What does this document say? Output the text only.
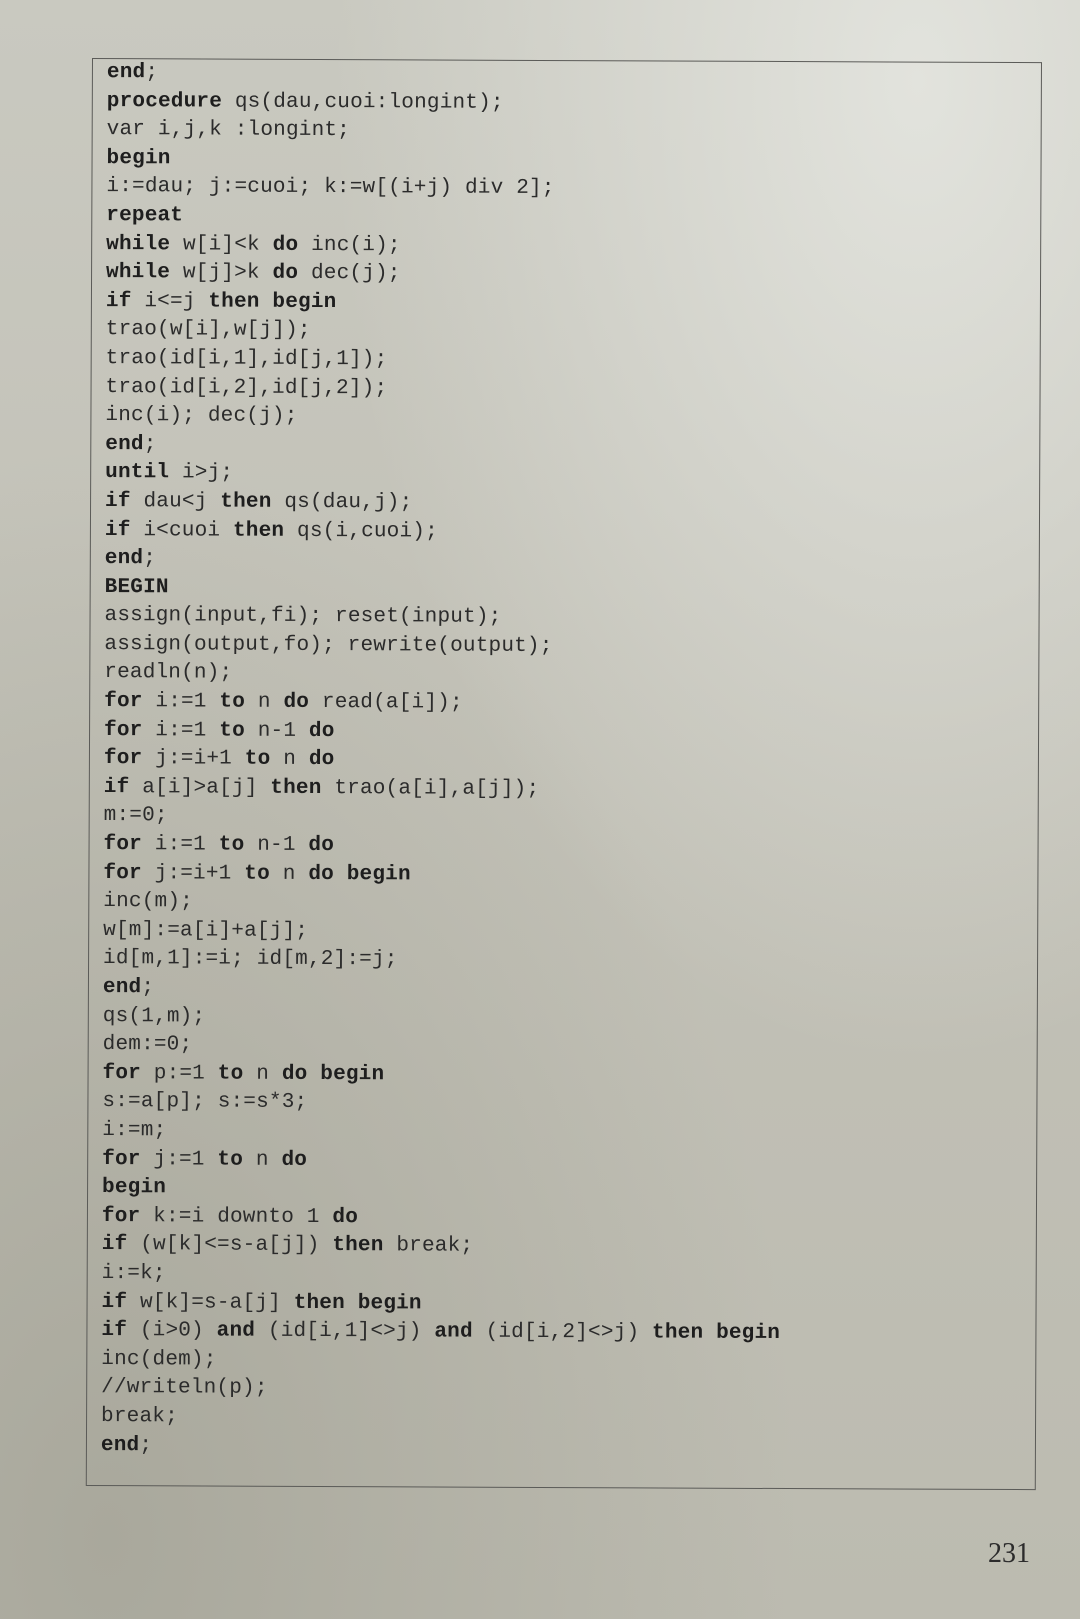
end;
procedure qs(dau,cuoi:longint);
var i,j,k :longint;
begin
i:=dau; j:=cuoi; k:=w[(i+j) div 2];
repeat
while w[i]<k do inc(i);
while w[j]>k do dec(j);
if i<=j then begin
trao(w[i],w[j]);
trao(id[i,1],id[j,1]);
trao(id[i,2],id[j,2]);
inc(i); dec(j);
end;
until i>j;
if dau<j then qs(dau,j);
if i<cuoi then qs(i,cuoi);
end;
BEGIN
assign(input,fi); reset(input);
assign(output,fo); rewrite(output);
readln(n);
for i:=1 to n do read(a[i]);
for i:=1 to n-1 do
for j:=i+1 to n do
if a[i]>a[j] then trao(a[i],a[j]);
m:=0;
for i:=1 to n-1 do
for j:=i+1 to n do begin
inc(m);
w[m]:=a[i]+a[j];
id[m,1]:=i; id[m,2]:=j;
end;
qs(1,m);
dem:=0;
for p:=1 to n do begin
s:=a[p]; s:=s*3;
i:=m;
for j:=1 to n do
begin
for k:=i downto 1 do
if (w[k]<=s-a[j]) then break;
i:=k;
if w[k]=s-a[j] then begin
if (i>0) and (id[i,1]<>j) and (id[i,2]<>j) then begin
inc(dem);
//writeln(p);
break;
end;
231
